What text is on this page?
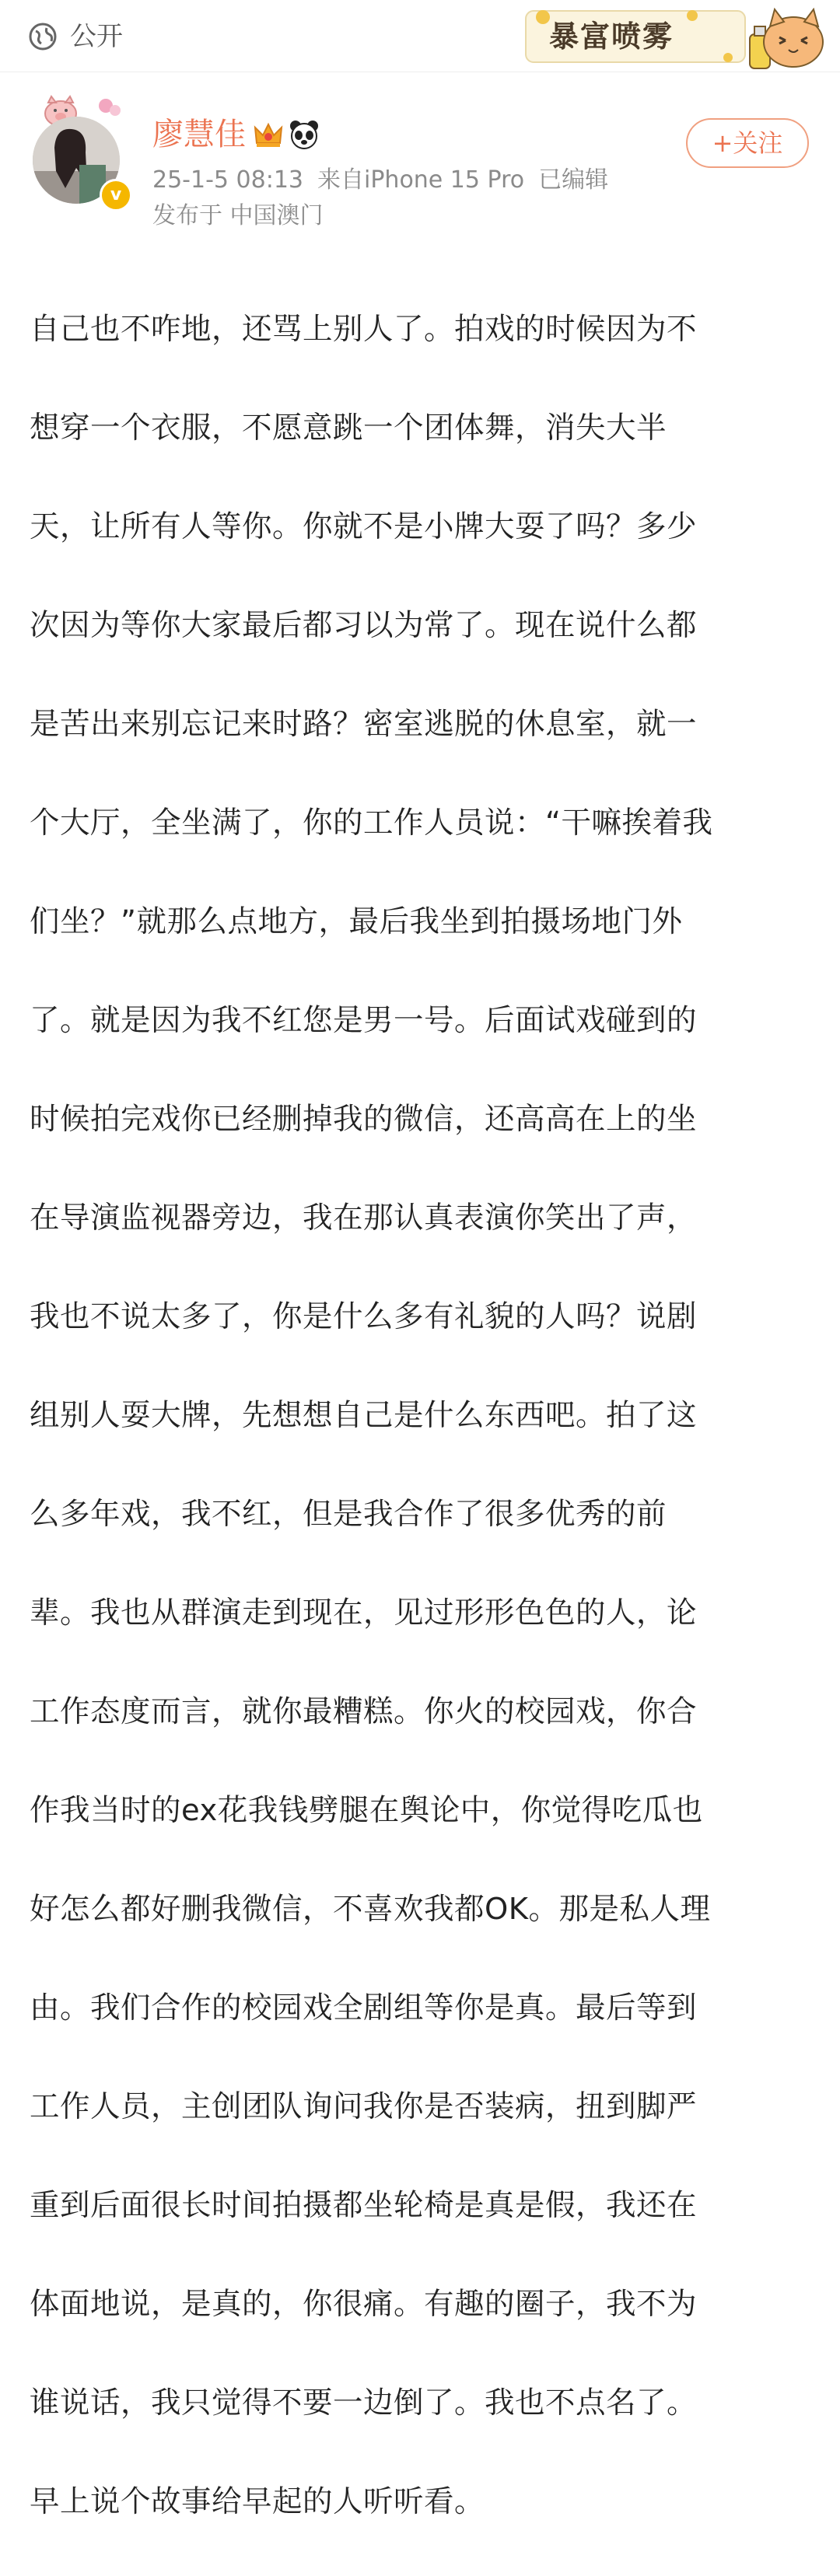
公开	暴富喷雾
v
廖慧佳
25-1-5 08:13 来自iPhone 15 Pro 已编辑
发布于 中国澳门
+关注

自己也不咋地，还骂上别人了。拍戏的时候因为不

想穿一个衣服，不愿意跳一个团体舞，消失大半

天，让所有人等你。你就不是小牌大耍了吗？多少

次因为等你大家最后都习以为常了。现在说什么都

是苦出来别忘记来时路？密室逃脱的休息室，就一

个大厅，全坐满了，你的工作人员说：“干嘛挨着我

们坐？”就那么点地方，最后我坐到拍摄场地门外

了。就是因为我不红您是男一号。后面试戏碰到的

时候拍完戏你已经删掉我的微信，还高高在上的坐

在导演监视器旁边，我在那认真表演你笑出了声，

我也不说太多了，你是什么多有礼貌的人吗？说剧

组别人耍大牌，先想想自己是什么东西吧。拍了这

么多年戏，我不红，但是我合作了很多优秀的前

辈。我也从群演走到现在，见过形形色色的人，论

工作态度而言，就你最糟糕。你火的校园戏，你合

作我当时的ex花我钱劈腿在舆论中，你觉得吃瓜也

好怎么都好删我微信，不喜欢我都OK。那是私人理

由。我们合作的校园戏全剧组等你是真。最后等到

工作人员，主创团队询问我你是否装病，扭到脚严

重到后面很长时间拍摄都坐轮椅是真是假，我还在

体面地说，是真的，你很痛。有趣的圈子，我不为

谁说话，我只觉得不要一边倒了。我也不点名了。

早上说个故事给早起的人听听看。
